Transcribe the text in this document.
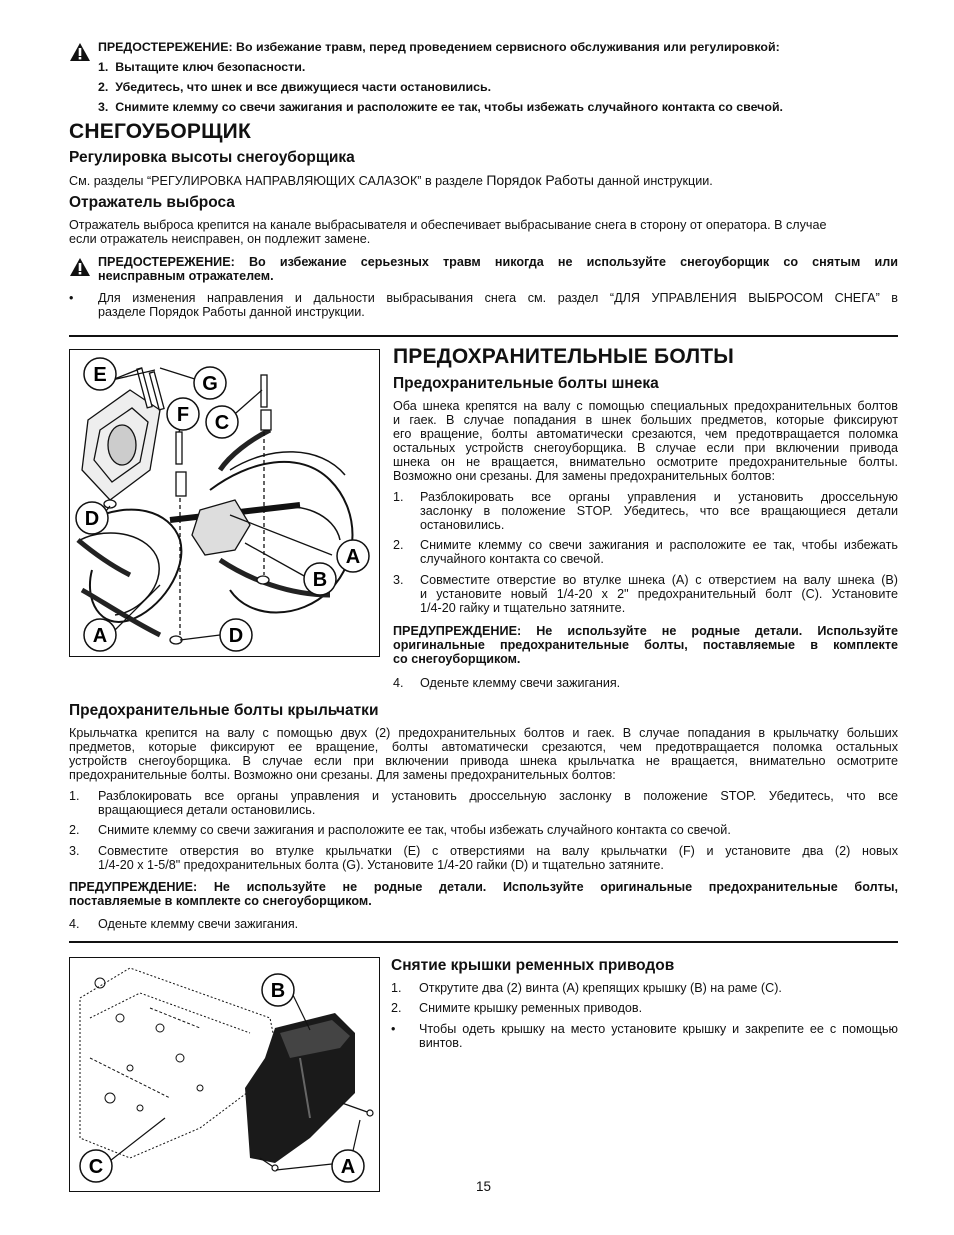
ПРЕДОСТЕРЕЖЕНИЕ: Во избежание травм, перед проведением сервисного обслуживания или регулировкой:
1. Вытащите ключ безопасности.
2. Убедитесь, что шнек и все движущиеся части остановились.
3. Снимите клемму со свечи зажигания и расположите ее так, чтобы избежать случайного контакта со свечой.
СНЕГОУБОРЩИК
Регулировка высоты снегоуборщика
См. разделы “РЕГУЛИРОВКА НАПРАВЛЯЮЩИХ САЛАЗОК” в разделе Порядок Работы данной инструкции.
Отражатель выброса
Отражатель выброса крепится на канале выбрасывателя и обеспечивает выбрасывание снега в сторону от оператора. В случае
если отражатель неисправен, он подлежит замене.
ПРЕДОСТЕРЕЖЕНИЕ: Во избежание серьезных травм никогда не используйте снегоуборщик со снятым или
неисправным отражателем.
• Для изменения направления и дальности выбрасывания снега см. раздел “ДЛЯ УПРАВЛЕНИЯ ВЫБРОСОМ СНЕГА” в
разделе Порядок Работы данной инструкции.
E	G
F C
D
A
B
A	D
ПРЕДОХРАНИТЕЛЬНЫЕ БОЛТЫ
Предохранительные болты шнека
Оба шнека крепятся на валу с помощью специальных предохранительных болтов
и гаек. В случае попадания в шнек больших предметов, которые фиксируют
его вращение, болты автоматически срезаются, чем предотвращается поломка
остальных устройств снегоуборщика. В случае если при включении привода
шнека он не вращается, внимательно осмотрите предохранительные болты.
Возможно они срезаны. Для замены предохранительных болтов:
1. Разблокировать все органы управления и установить дроссельную
заслонку в положение STOP. Убедитесь, что все вращающиеся детали
остановились.
2. Снимите клемму со свечи зажигания и расположите ее так, чтобы избежать
случайного контакта со свечой.
3. Совместите отверстие во втулке шнека (A) с отверстием на валу шнека (B)
и установите новый 1/4-20 x 2" предохранительный болт (C). Установите
1/4-20 гайку и тщательно затяните.
ПРЕДУПРЕЖДЕНИЕ: Не используйте не родные детали. Используйте
оригинальные предохранительные болты, поставляемые в комплекте
со снегоуборщиком.
4. Оденьте клемму свечи зажигания.
Предохранительные болты крыльчатки
Крыльчатка крепится на валу с помощью двух (2) предохранительных болтов и гаек. В случае попадания в крыльчатку больших
предметов, которые фиксируют ее вращение, болты автоматически срезаются, чем предотвращается поломка остальных
устройств снегоуборщика. В случае если при включении привода шнека крыльчатка не вращается, внимательно осмотрите
предохранительные болты. Возможно они срезаны. Для замены предохранительных болтов:
1. Разблокировать все органы управления и установить дроссельную заслонку в положение STOP. Убедитесь, что все
вращающиеся детали остановились.
2. Снимите клемму со свечи зажигания и расположите ее так, чтобы избежать случайного контакта со свечой.
3. Совместите отверстия во втулке крыльчатки (E) с отверстиями на валу крыльчатки (F) и установите два (2) новых
1/4-20 x 1-5/8" предохранительных болта (G). Установите 1/4-20 гайки (D) и тщательно затяните.
ПРЕДУПРЕЖДЕНИЕ: Не используйте не родные детали. Используйте оригинальные предохранительные болты,
поставляемые в комплекте со снегоуборщиком.
4. Оденьте клемму свечи зажигания.
B
C	A
Снятие крышки ременных приводов
1. Открутите два (2) винта (A) крепящих крышку (B) на раме (C).
2. Снимите крышку ременных приводов.
• Чтобы одеть крышку на место установите крышку и закрепите ее с помощью
винтов.
15
